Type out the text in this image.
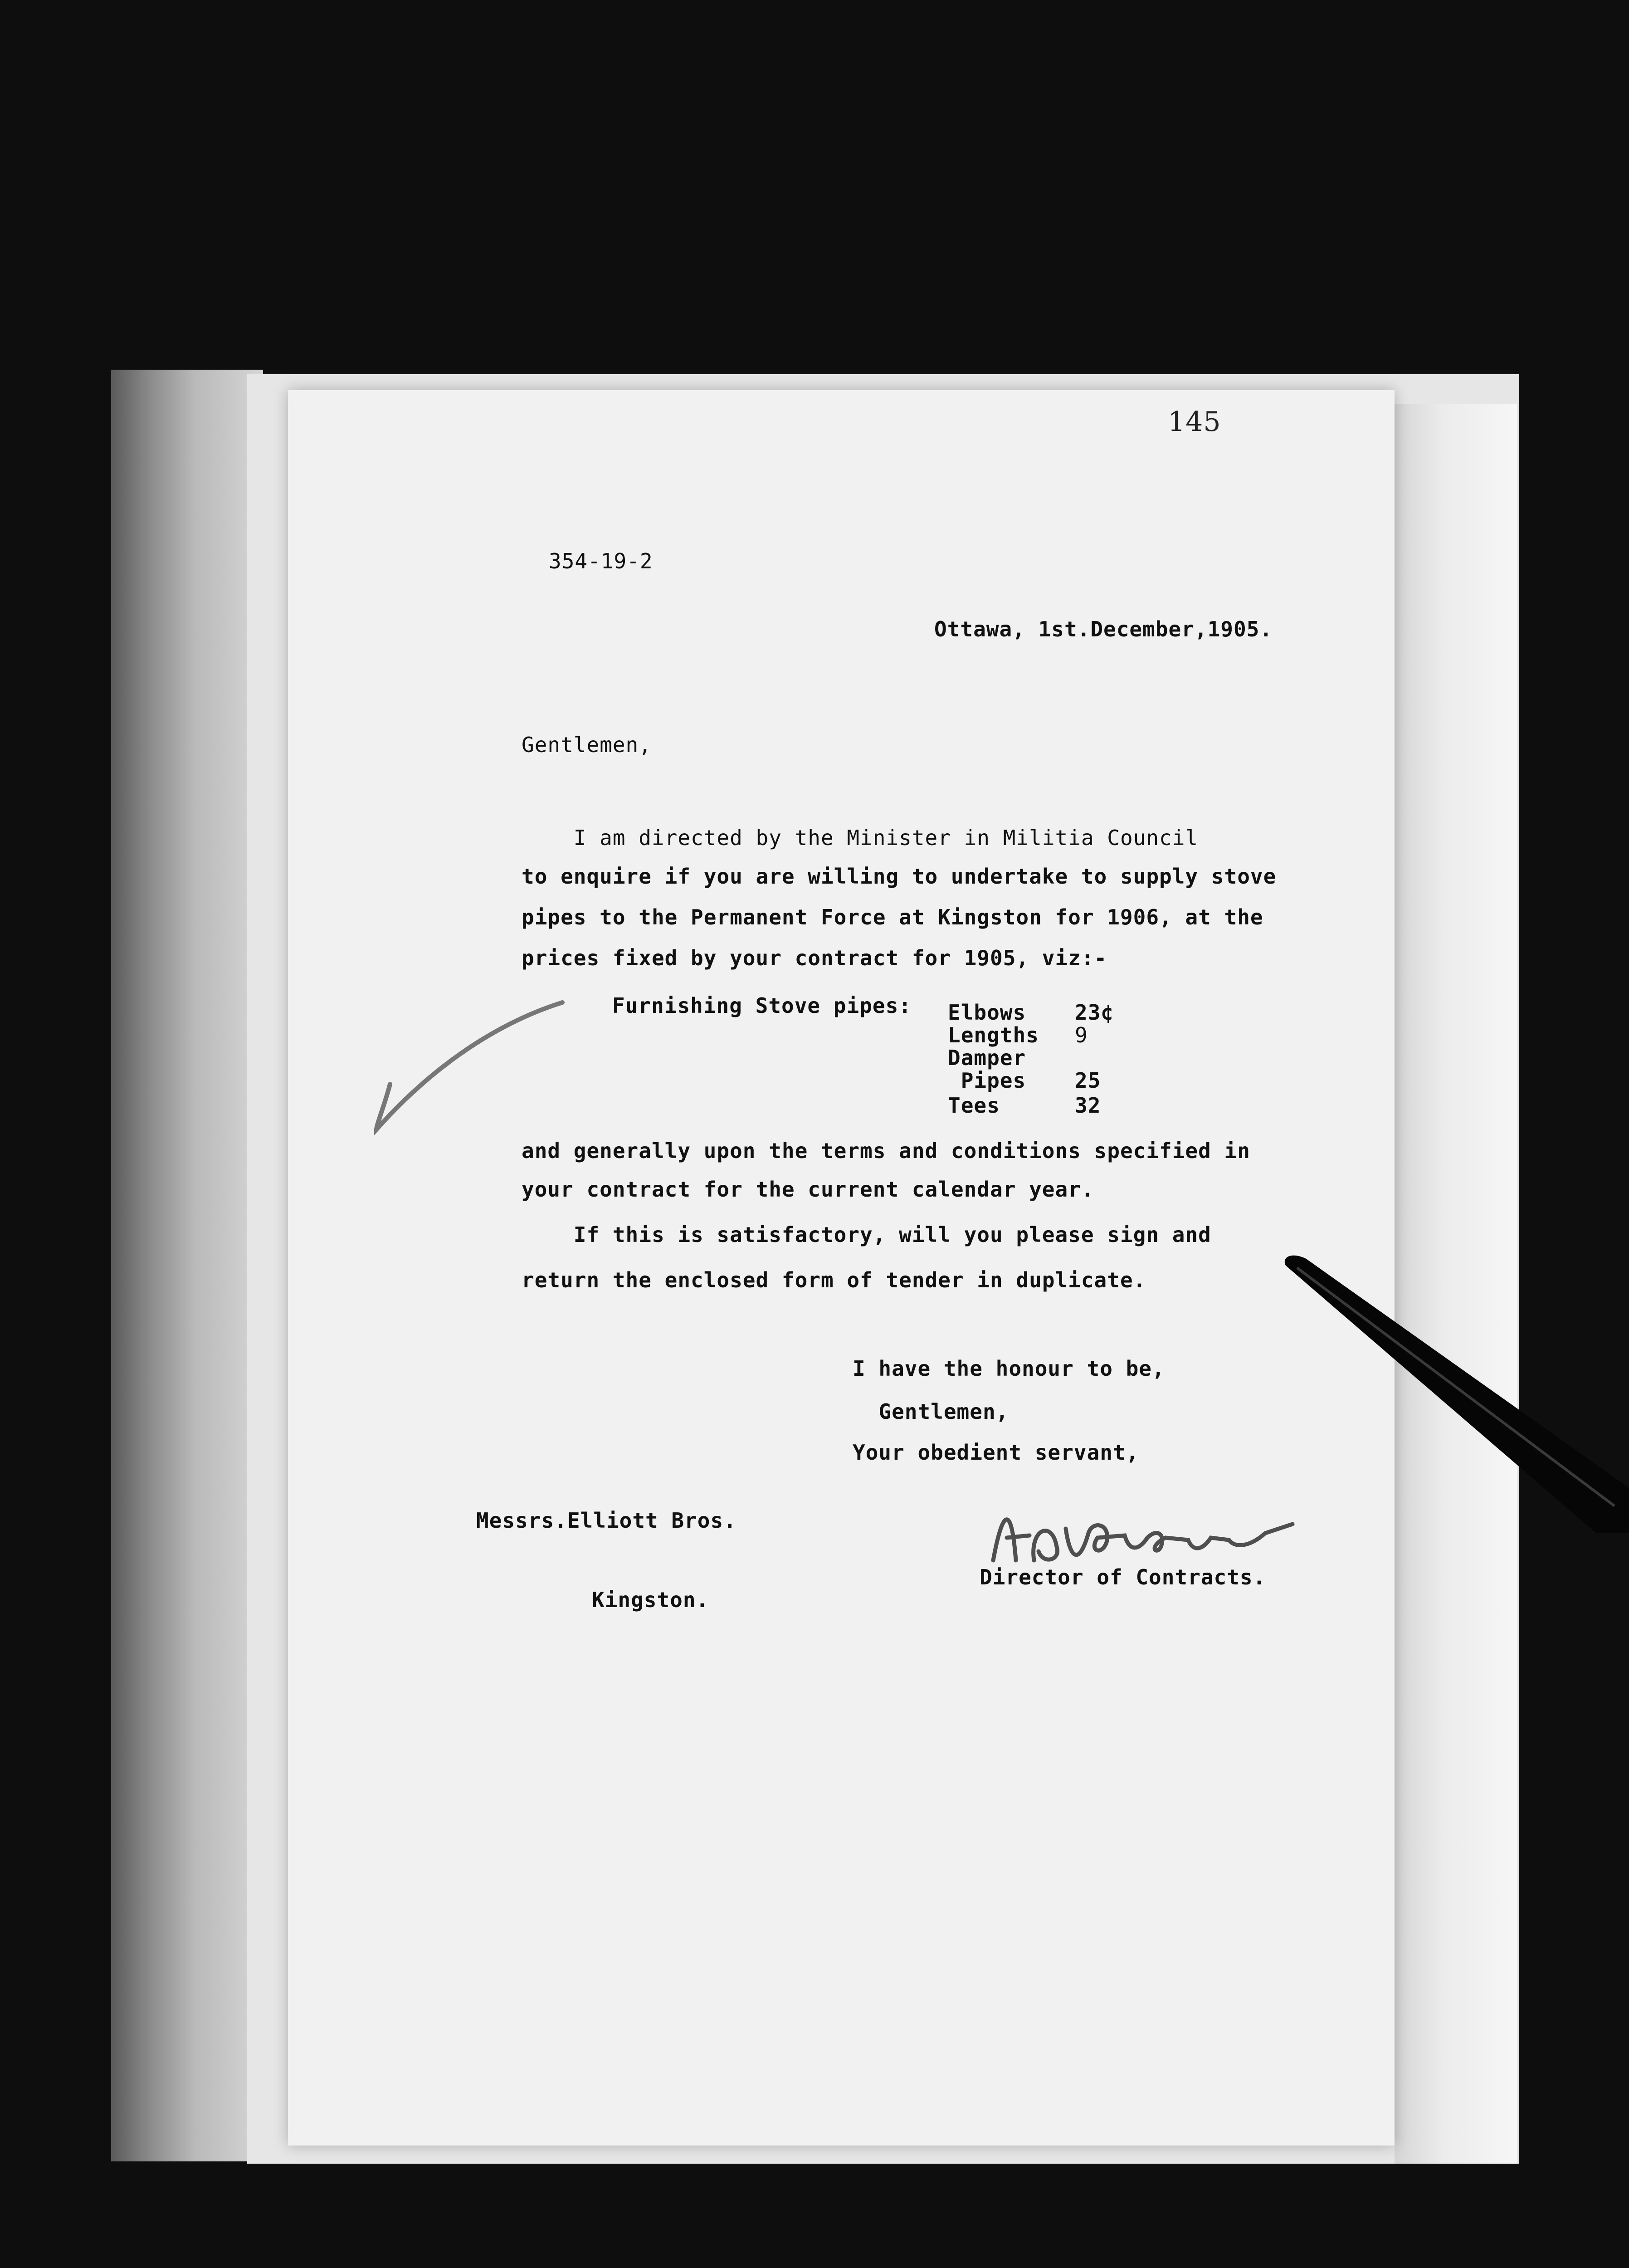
145
354-19-2
Ottawa, 1st.December,1905.
Gentlemen,
I am directed by the Minister in Militia Council
to enquire if you are willing to undertake to supply stove
pipes to the Permanent Force at Kingston for 1906, at the
prices fixed by your contract for 1905, viz:-
Furnishing Stove pipes: Elbows 23¢
Lengths 9
Damper
Pipes 25
Tees	32
and generally upon the terms and conditions specified in
your contract for the current calendar year.
If this is satisfactory, will you please sign and
return the enclosed form of tender in duplicate.
I have the honour to be,
Gentlemen,
Your obedient servant,
Messrs.Elliott Bros.
Kingston.
Director of Contracts.
